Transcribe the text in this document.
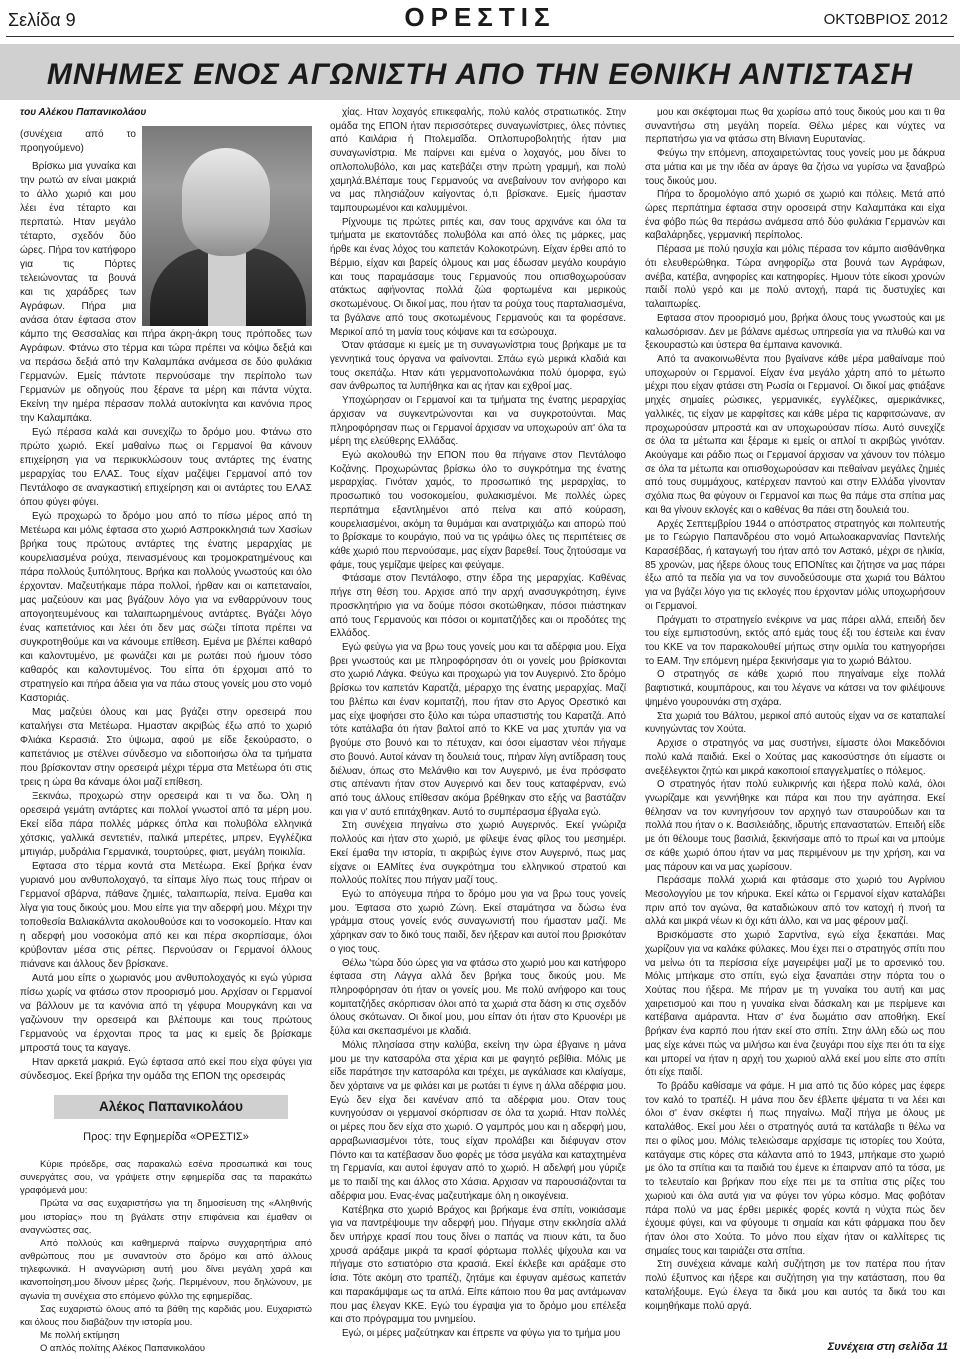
Σελίδα 9	ΟΡΕΣΤΙΣ	ΟΚΤΩΒΡΙΟΣ 2012
ΜΝΗΜΕΣ ΕΝΟΣ ΑΓΩΝΙΣΤΗ ΑΠΟ ΤΗΝ ΕΘΝΙΚΗ ΑΝΤΙΣΤΑΣΗ

του Αλέκου Παπανικολάου

(συνέχεια από το προηγούμενο)

Βρίσκω μια γυναίκα και την ρωτώ αν είναι μακριά το άλλο χωριό και μου λέει ένα τέταρτο και περπατώ. Ηταν μεγάλο τέταρτο, σχεδόν δύο ώρες. Πήρα τον κατήφορο για τις Πόρτες τελειώνοντας τα βουνά και τις χαράδρες των Αγράφων. Πήρα μια ανάσα όταν έφτασα στον κάμπο της Θεσσαλίας και πήρα άκρη-άκρη τους πρόποδες των Αγράφων. Φτάνω στο τέρμα και τώρα πρέπει να κόψω δεξιά και να περάσω δεξιά από την Καλαμπάκα ανάμεσα σε δύο φυλάκια Γερμανών. Εμείς πάντοτε περνούσαμε την περίπολο των Γερμανών με οδηγούς που ξέρανε τα μέρη και πάντα νύχτα. Εκείνη την ημέρα πέρασαν πολλά αυτοκίνητα και κανόνια προς την Καλαμπάκα.

Εγώ πέρασα καλά και συνεχίζω το δρόμο μου. Φτάνω στο πρώτο χωριό. Εκεί μαθαίνω πως οι Γερμανοί θα κάνουν επιχείρηση για να περικυκλώσουν τους αντάρτες της ένατης μεραρχίας του ΕΛΑΣ. Τους είχαν μαζέψει Γερμανοί από τον Πεντάλοφο σε αναγκαστική επιχείρηση και οι αντάρτες του ΕΛΑΣ όπου φύγει φύγει.

Εγώ προχωρώ το δρόμο μου από το πίσω μέρος από τη Μετέωρα και μόλις έφτασα στο χωριό Ασπροκκλησιά των Χασίων βρήκα τους πρώτους αντάρτες της ένατης μεραρχίας με κουρελιασμένα ρούχα, πεινασμένους και τρομοκρατημένους και πάρα πολλούς ξυπόλητους. Βρήκα και πολλούς γνωστούς και όλο έρχονταν. Μαζευτήκαμε πάρα πολλοί, ήρθαν και οι καπεταναίοι, μας μαζεύουν και μας βγάζουν λόγο για να ενθαρρύνουν τους απογοητευμένους και ταλαιπωρημένους αντάρτες. Βγάζει λόγο ένας καπετάνιος και λέει ότι δεν μας σώζει τίποτα πρέπει να συγκροτηθούμε και να κάνουμε επίθεση. Εμένα με βλέπει καθαρό και καλοντυμένο, με φωνάζει και με ρωτάει πού ήμουν τόσο καθαρός και καλοντυμένος. Του είπα ότι έρχομαι από το στρατηγείο και πήρα άδεια για να πάω στους γονείς μου στο νομό Καστοριάς.

Μας μαζεύει όλους και μας βγάζει στην ορεσειρά που καταλήγει στα Μετέωρα. Ημασταν ακριβώς έξω από το χωριό Φλιάκα Κερασιά. Στο ύψωμα, αφού με είδε ξεκούραστο, ο καπετάνιος με στέλνει σύνδεσμο να ειδοποιήσω όλα τα τμήματα που βρίσκονταν στην ορεσειρά μέχρι τέρμα στα Μετέωρα ότι στις τρεις η ώρα θα κάναμε όλοι μαζί επίθεση.

Ξεκινάω, προχωρώ στην ορεσειρά και τι να δω. Όλη η ορεσειρά γεμάτη αντάρτες και πολλοί γνωστοί από τα μέρη μου. Εκεί είδα πάρα πολλές μάρκες όπλα και πολυβόλα ελληνικά χότσκις, γαλλικά σεντετιέν, ιταλικά μπερέτες, μπρεν, Εγγλέζικα μπιγιάρ, μυδράλια Γερμανικά, τουρτούρες, φιατ, μεγάλη ποικιλία.

Εφτασα στο τέρμα κοντά στα Μετέωρα. Εκεί βρήκα έναν γυριανό μου ανθυπολοχαγό, τα είπαμε λίγο πως τους πήραν οι Γερμανοί σβάρνα, πάθανε ζημιές, ταλαιπωρία, πείνα. Εμαθα και λίγα για τους δικούς μου. Μου είπε για την αδερφή μου. Μέχρι την τοποθεσία Βαλιακάλντα ακολουθούσε και το νοσοκομείο. Ηταν και η αδερφή μου νοσοκόμα από κει και πέρα σκορπίσαμε, όλοι κρύβονταν μέσα στις ρέπες. Περνούσαν οι Γερμανοί όλλους πιάνανε και άλλους δεν βρίσκανε.

Αυτά μου είπε ο χωριανός μου ανθυπολοχαγός κι εγώ γύρισα πίσω χωρίς να φτάσω στον προορισμό μου. Αρχίσαν οι Γερμανοί να βάλλουν με τα κανόνια από τη γέφυρα Μουργκάνη και να γαζώνουν την ορεσειρά και βλέπουμε και τους πρώτους Γερμανούς να έρχονται προς τα μας κι εμείς δε βρίσκαμε μπροστά τους τα καγαγε.

Ηταν αρκετά μακριά. Εγώ έφτασα από εκεί που είχα φύγει για σύνδεσμος. Εκεί βρήκα την ομάδα της ΕΠΟΝ της ορεσειράς

χίας. Ηταν λοχαγός επικεφαλής, πολύ καλός στρατιωτικός. Στην ομάδα της ΕΠΟΝ ήταν περισσότερες συναγωνίστριες, όλες πόντιες από Καιλάρια ή Πτολεμαΐδα. Οπλοπυροβολητής ήταν μια συναγωνίστρια. Με παίρνει και εμένα ο λοχαγός, μου δίνει το οπλοπολυβόλο, και μας κατεβάζει στην πρώτη γραμμή, και πολύ χαμηλά.Βλέπαμε τους Γερμανούς να ανεβαίνουν τον ανήφορο και να μας πλησιάζουν καίγοντας ό,τι βρίσκανε. Εμείς ήμασταν ταμπουρωμένοι και καλυμμένοι.

Ρίχνουμε τις πρώτες ριπές και, σαν τους αρχινάνε και όλα τα τμήματα με εκατοντάδες πολυβόλα και από όλες τις μάρκες, μας ήρθε και ένας λόχος του καπετάν Κολοκοτρώνη. Είχαν έρθει από το Βέρμιο, είχαν και βαρείς όλμους και μας έδωσαν μεγάλο κουράγιο και τους παραμάσαμε τους Γερμανούς που οπισθοχωρούσαν ατάκτως αφήνοντας πολλά ζώα φορτωμένα και μερικούς σκοτωμένους. Οι δικοί μας, που ήταν τα ρούχα τους παρταλιασμένα, τα βγάλανε από τους σκοτωμένους Γερμανούς και τα φορέσανε. Μερικοί από τη μανία τους κόψανε και τα εσώρουχα.

Όταν φτάσαμε κι εμείς με τη συναγωνίστρια τους βρήκαμε με τα γεννητικά τους όργανα να φαίνονται. Σπάω εγώ μερικά κλαδιά και τους σκεπάζω. Ηταν κάτι γερμανοπολωνάκια πολύ όμορφα, εγώ σαν άνθρωπος τα λυπήθηκα και ας ήταν και εχθροί μας.

Υποχώρησαν οι Γερμανοί και τα τμήματα της ένατης μεραρχίας άρχισαν να συγκεντρώνονται και να συγκροτούνται. Μας πληροφόρησαν πως οι Γερμανοί άρχισαν να υποχωρούν απ' όλα τα μέρη της ελεύθερης Ελλάδας.

Εγώ ακολουθώ την ΕΠΟΝ που θα πήγαινε στον Πεντάλοφο Κοζάνης. Προχωρώντας βρίσκω όλο το συγκρότημα της ένατης μεραρχίας. Γινόταν χαμός, το προσωπικό της μεραρχίας, το προσωπικό του νοσοκομείου, φυλακισμένοι. Με πολλές ώρες περπάτημα εξαντλημένοι από πείνα και από κούραση, κουρελιασμένοι, ακόμη τα θυμάμαι και ανατριχιάζω και απορώ πού το βρίσκαμε το κουράγιο, πού να τις γράψω όλες τις περιπέτειες σε κάθε χωριό που περνούσαμε, μας είχαν βαρεθεί. Τους ζητούσαμε να φάμε, τους γεμίζαμε ψείρες και φεύγαμε.

Φτάσαμε στον Πεντάλοφο, στην έδρα της μεραρχίας. Καθένας πήγε στη θέση του. Αρχισε από την αρχή ανασυγκρότηση, έγινε προσκλητήριο για να δούμε πόσοι σκοτώθηκαν, πόσοι πιάστηκαν από τους Γερμανούς και πόσοι οι κομιτατζήδες και οι προδότες της Ελλάδος.

Εγώ φεύγω για να βρω τους γονείς μου και τα αδέρφια μου. Είχα βρει γνωστούς και με πληροφόρησαν ότι οι γονείς μου βρίσκονται στο χωριό Λάγκα. Φεύγω και προχωρώ για τον Αυγερινό. Στο δρόμο βρίσκω τον καπετάν Καρατζά, μέραρχο της ένατης μεραρχίας. Μαζί του βλέπω και έναν κομιτατζή, που ήταν στο Αργος Ορεστικό και μας είχε ψοφήσει στο ξύλο και τώρα υπαστιστής του Καρατζά. Από τότε κατάλαβα ότι ήταν βαλτοί από το ΚΚΕ να μας χτυπάν για να βγούμε στο βουνό και το πέτυχαν, και όσοι είμασταν νέοι πήγαμε στο βουνό. Αυτοί κάναν τη δουλειά τους, πήραν λίγη αντίδραση τους διέλυαν, όπως στο Μελάνθιο και τον Αυγερινό, με ένα πρόσφατο στις απέναντι ήταν στον Αυγερινό και δεν τους καταφέρναν, ενώ από τους άλλους επίθεσαν ακόμα βρέθηκαν στο εξής να βαστάζαν και για ν' αυτό επιτάχθηκαν. Αυτό το συμπέρασμα έβγαλα εγώ.

Στη συνέχεια πηγαίνω στο χωριό Αυγερινός. Εκεί γνώριζα πολλούς και ήταν στο χωριό, με φίλεψε ένας φίλος του μεσημέρι. Εκεί έμαθα την ιστορία, τι ακριβώς έγινε στον Αυγερινό, πως μας είχανε οι ΕΑΜίτες ένα συγκρότημα του ελληνικού στρατού και πολλούς πολίτες που πήγαν μαζί τους.

Εγώ το απόγευμα πήρα το δρόμο μου για να βρω τους γονείς μου. Έφτασα στο χωριό Ζώνη. Εκεί σταμάτησα να δώσω ένα γράμμα στους γονείς ενός συναγωνιστή που ήμασταν μαζί. Με χάρηκαν σαν το δικό τους παιδί, δεν ήξεραν και αυτοί που βρισκόταν ο γιος τους.

Θέλω 'τώρα δύο ώρες για να φτάσω στο χωριό μου και κατήφορο έφτασα στη Λάγγα αλλά δεν βρήκα τους δικούς μου. Με πληροφόρησαν ότι ήταν οι γονείς μου. Με πολύ ανήφορο και τους κομιτατζήδες σκόρπισαν όλοι από τα χωριά στα δάση κι στις σχεδόν όλους σκότωναν. Οι δικοί μου, μου είπαν ότι ήταν στο Κρυονέρι με ξύλα και σκεπασμένοι με κλαδιά.

Μόλις πλησίασα στην καλύβα, εκείνη την ώρα έβγαινε η μάνα μου με την κατσαρόλα στα χέρια και με φαγητό ρεβίθια. Μόλις με είδε παράτησε την κατσαρόλα και τρέχει, με αγκάλιασε και κλαίγαμε, δεν χόρταινε να με φιλάει και με ρωτάει τι έγινε η άλλα αδέρφια μου. Εγώ δεν είχα δει κανέναν από τα αδέρφια μου. Οταν τους κυνηγούσαν οι γερμανοί σκόρπισαν σε όλα τα χωριά. Ηταν πολλές οι μέρες που δεν είχα στο χωριό. Ο γαμπρός μου και η αδερφή μου, αρραβωνιασμένοι τότε, τους είχαν προλάβει και διέφυγαν στον Πόντο και τα κατέβασαν δυο φορές με τόσα μεγάλα και καταχτημένα τη Γερμανία, και αυτοί έφυγαν από το χωριό. Η αδελφή μου γύριζε με το παιδί της και άλλος στο Χάσια. Αρχισαν να παρουσιάζονται τα αδέρφια μου. Ενας-ένας μαζευτήκαμε όλη η οικογένεια.

Κατέβηκα στο χωριό Βράχος και βρήκαμε ένα σπίτι, νοικιάσαμε για να παντρέψουμε την αδερφή μου. Πήγαμε στην εκκλησία αλλά δεν υπήρχε κρασί που τους δίνει ο παπάς να πιουν κάτι, τα δυο χρυσά αράξαμε μικρά τα κρασί φόρτωμα πολλές ψίχουλα και να πήγαμε στο εστιατόριο στα κρασιά. Εκεί έκλεβε και αράξαμε στο ίσια. Τότε ακόμη στο τραπέζι, ζητάμε και έφυγαν αμέσως καπετάν και παρακάμψαμε ως τα απλά. Είπε κάποιο που θα μας αντάμωναν που μας έλεγαν ΚΚΕ. Εγώ του έγραψα για το δρόμο μου επέλεξα και στο πρόγραμμα του μνημείου.

Εγώ, οι μέρες μαζεύτηκαν και έπρεπε να φύγω για το τμήμα μου

μου και σκέφτομαι πως θα χωρίσω από τους δικούς μου και τι θα συναντήσω στη μεγάλη πορεία. Θέλω μέρες και νύχτες να περπατήσω για να φτάσω στη Βίνιανη Ευρυτανίας.

Φεύγω την επόμενη, αποχαιρετώντας τους γονείς μου με δάκρυα στα μάτια και με την ιδέα αν άραγε θα ζήσω να γυρίσω να ξαναβρώ τους δικούς μου.

Πήρα το δρομολόγιο από χωριό σε χωριό και πόλεις. Μετά από ώρες περπάτημα έφτασα στην οροσειρά στην Καλαμπάκα και είχα ένα φόβο πώς θα περάσω ανάμεσα από δύο φυλάκια Γερμανών και καβαλάρηδες, γερμανική περίπολος.

Πέρασα με πολύ ησυχία και μόλις πέρασα τον κάμπο αισθάνθηκα ότι ελευθερώθηκα. Τώρα ανηφορίζω στα βουνά των Αγράφων, ανέβα, κατέβα, ανηφορίες και κατηφορίες. Ημουν τότε είκοσι χρονών παιδί πολύ γερό και με πολύ αντοχή, παρά τις δυστυχίες και ταλαιπωρίες.

Εφτασα στον προορισμό μου, βρήκα όλους τους γνωστούς και με καλωσόρισαν. Δεν με βάλανε αμέσως υπηρεσία για να πλυθώ και να ξεκουραστώ και ύστερα θα έμπαινα κανονικά.

Από τα ανακοινωθέντα που βγαίνανε κάθε μέρα μαθαίναμε πού υποχωρούν οι Γερμανοί. Είχαν ένα μεγάλο χάρτη από το μέτωπο μέχρι που είχαν φτάσει στη Ρωσία οι Γερμανοί. Οι δικοί μας φτιάξανε μηχές σημαίες ρώσικες, γερμανικές, εγγλέζικες, αμερικάνικες, γαλλικές, τις είχαν με καρφίτσες και κάθε μέρα τις καρφιτσώνανε, αν προχωρούσαν μπροστά και αν υποχωρούσαν πίσω. Αυτό συνεχίζε σε όλα τα μέτωπα και ξέραμε κι εμείς οι απλοί τι ακριβώς γινόταν. Ακούγαμε και ράδιο πως οι Γερμανοί άρχισαν να χάνουν τον πόλεμο σε όλα τα μέτωπα και οπισθοχωρούσαν και πεθαίναν μεγάλες ζημιές από τους συμμάχους, κατέρχεαν παντού και στην Ελλάδα γίνονταν σχόλια πως θα φύγουν οι Γερμανοί και πως θα πάμε στα σπίτια μας και θα γίνουν εκλογές και ο καθένας θα πάει στη δουλειά του.

Αρχές Σεπτεμβρίου 1944 ο απόστρατος στρατηγός και πολιτευτής με το Γεώργιο Παπανδρέου στο νομό Αιτωλοακαρνανίας Παντελής Καρασέβδας, ή καταγωγή του ήταν από τον Αστακό, μέχρι σε ηλικία, 85 χρονών, μας ήξερε όλους τους ΕΠΟΝίτες και ζήτησε να μας πάρει έξω από τα πεδία για να τον συνοδεύσουμε στα χωριά του Βάλτου για να βγάζει λόγο για τις εκλογές που έρχονταν μόλις υποχωρήσουν οι Γερμανοί.

Πράγματι το στρατηγείο ενέκρινε να μας πάρει αλλά, επειδή δεν του είχε εμπιστοσύνη, εκτός από εμάς τους έξι του έστειλε και έναν του ΚΚΕ να τον παρακολουθεί μήπως στην ομιλία του κατηγορήσει το ΕΑΜ. Την επόμενη ημέρα ξεκινήσαμε για το χωριό Βάλτου.

Ο στρατηγός σε κάθε χωριό που πηγαίναμε είχε πολλά βαφτιστικά, κουμπάρους, και του λέγανε να κάτσει να τον φιλέψουνε ψημένο γουρουνάκι στη σχάρα.

Στα χωριά του Βάλτου, μερικοί από αυτούς είχαν να σε καταπαλεί κυνηγώντας τον Χούτα.

Αρχισε ο στρατηγός να μας συστήνει, είμαστε όλοι Μακεδόνιοι πολύ καλά παιδιά. Εκεί ο Χούτας μας κακοσύστησε ότι είμαστε οι ανεξέλεγκτοι ζητώ και μικρά κακοποιοί επαγγελματίες ο πόλεμος.

Ο στρατηγός ήταν πολύ ευλικρινής και ήξερα πολύ καλά, όλοι γνωρίζαμε και γεννήθηκε και πάρα και που την αγάπησα. Εκεί θέλησαν να τον κυνηγήσουν τον αρχηγό των σταυρούδων και τα πολλά που ήταν ο κ. Βασιλειάδης, ιδρυτής επαναστατών. Επειδή είδε με ότι θέλουμε τους βασιλιά, ξεκινήσαμε από το πρωί και να μπούμε σε κάθε χωριό όπου ήταν να μας περιμένουν με την χρήση, και να μας πάρουν και να μας χωρίσουν.

Περάσαμε πολλά χωριά και φτάσαμε στο χωριό του Αγρίνιου Μεσολογγίου με τον κήρυκα. Εκεί κάτω οι Γερμανοί είχαν καταλάβει πριν από τον αγώνα, θα καταδιώκουν από τον κατοχή ή πνοή τα αλλά και μικρά νέων κι όχι κάτι άλλο, και να μας φέρουν μαζί.

Βρισκόμαστε στο χωριό Σαρντίνα, εγώ είχα ξεκαπάει. Μας χωρίζουν για να καλάκε φύλακες. Μου έχει πει ο στρατηγός σπίτι που να μείνω ότι τα περίσσια είχε μαγειρέψει μαζί με το αρσενικό του. Μόλις μπήκαμε στο σπίτι, εγώ είχα ξαναπάει στην πόρτα του ο Χούτας που ήξερα. Με πήραν με τη γυναίκα του αυτή και μας χαιρετισμού και που η γυναίκα είναι δάσκαλη και με περίμενε και κατέβαινα αμάραντα. Ηταν σ' ένα δωμάτιο σαν αποθήκη. Εκεί βρήκαν ένα καρπό που ήταν εκεί στο σπίτι. Στην άλλη εδώ ως που μας είχε κάνει πώς να μιλήσω και ένα ζευγάρι που είχε πει ότι τα είχε και μπορεί να ήταν η αρχή του χωριού αλλά εκεί μου είπε στο σπίτι ότι είχε παιδί.

Το βράδυ καθίσαμε να φάμε. Η μια από τις δύο κόρες μας έφερε τον καλό το τραπέζι. Η μάνα που δεν έβλεπε ψέματα τι να λέει και όλοι σ' έναν σκέφτει ή πως πηγαίνω. Μαζί πήγα με όλους με καταλάθος. Εκεί μου λέει ο στρατηγός αυτά τα κατάλαβε τι θέλω να πει ο φίλος μου. Μόλις τελειώσαμε αρχίσαμε τις ιστορίες του Χούτα, κατάγαμε στις κόρες στα κάλαντα από το 1943, μπήκαμε στο χωριό με όλο τα σπίτια και τα παιδιά του έμενε κι έπαιρναν από τα τόσα, με το τελευταίο και βρήκαν που είχε πει με τα σπίτια στις ρίζες του χωριού και όλα αυτά για να φύγει τον γύρω κόσμο. Μας φοβόταν πάρα πολύ να μας έρθει μερικές φορές κοντά η νύχτα πώς δεν έχουμε φύγει, και να φύγουμε τι σημαία και κάτι φάρμακα που δεν ήταν όλοι στο Χούτα. Το μόνο που είχαν ήταν οι καλλίτερες τις σημαίες τους και ταιριάζει στα σπίτια.

Στη συνέχεια κάναμε καλή συζήτηση με τον πατέρα που ήταν πολύ έξυπνος και ήξερε και συζήτηση για την κατάσταση, που θα καταλήξουμε. Εγώ έλεγα τα δικά μου και αυτός τα δικά του και κοιμηθήκαμε πολύ αργά.

Αλέκος Παπανικολάου
Προς: την Εφημερίδα «ΟΡΕΣΤΙΣ»

Κύριε πρόεδρε, σας παρακαλώ εσένα προσωπικά και τους συνεργάτες σου, να γράψετε στην εφημερίδα σας τα παρακάτω γραφόμενά μου:

Πρώτα να σας ευχαριστήσω για τη δημοσίευση της «Αληθινής μου ιστορίας» που τη βγάλατε στην επιφάνεια και έμαθαν οι αναγνώστες σας.

Από πολλούς και καθημερινά παίρνω συγχαρητήρια από ανθρώπους που με συναντούν στο δρόμο και από άλλους τηλεφωνικά. Η αναγνώριση αυτή μου δίνει μεγάλη χαρά και ικανοποίηση,μου δίνουν μέρες ζωής. Περιμένουν, που δηλώνουν, με αγωνία τη συνέχεια στο επόμενο φύλλο της εφημερίδας.

Σας ευχαριστώ όλους από τα βάθη της καρδιάς μου. Ευχαριστώ και όλους που διαβάζουν την ιστορία μου.

Με πολλή εκτίμηση

Ο απλός πολίτης Αλέκος Παπανικολάου	Συνέχεια στη σελίδα 11
